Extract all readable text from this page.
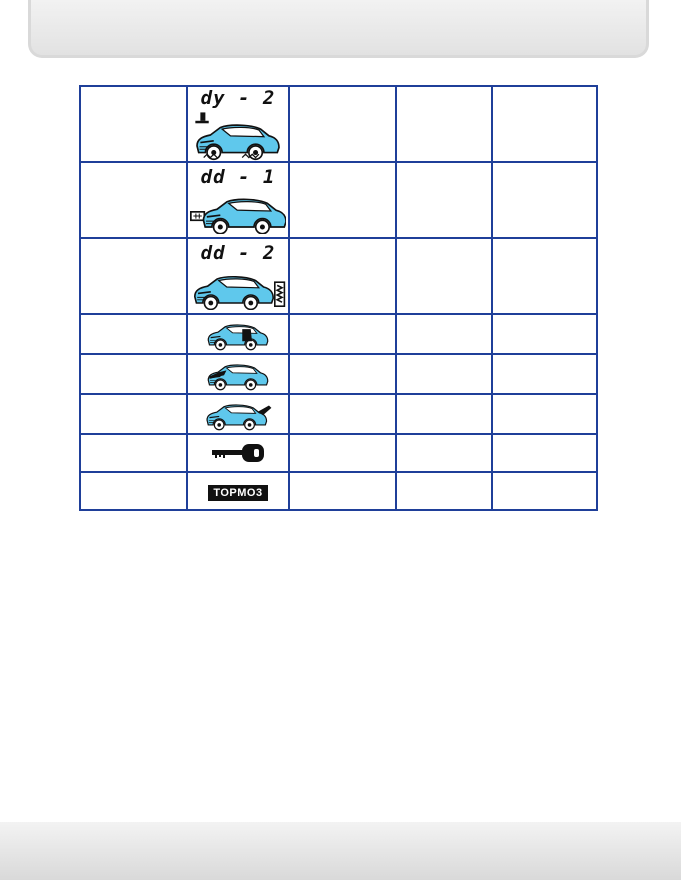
	dy - 2			

	dd - 1			

	dd - 2			

	TOPMO3			
